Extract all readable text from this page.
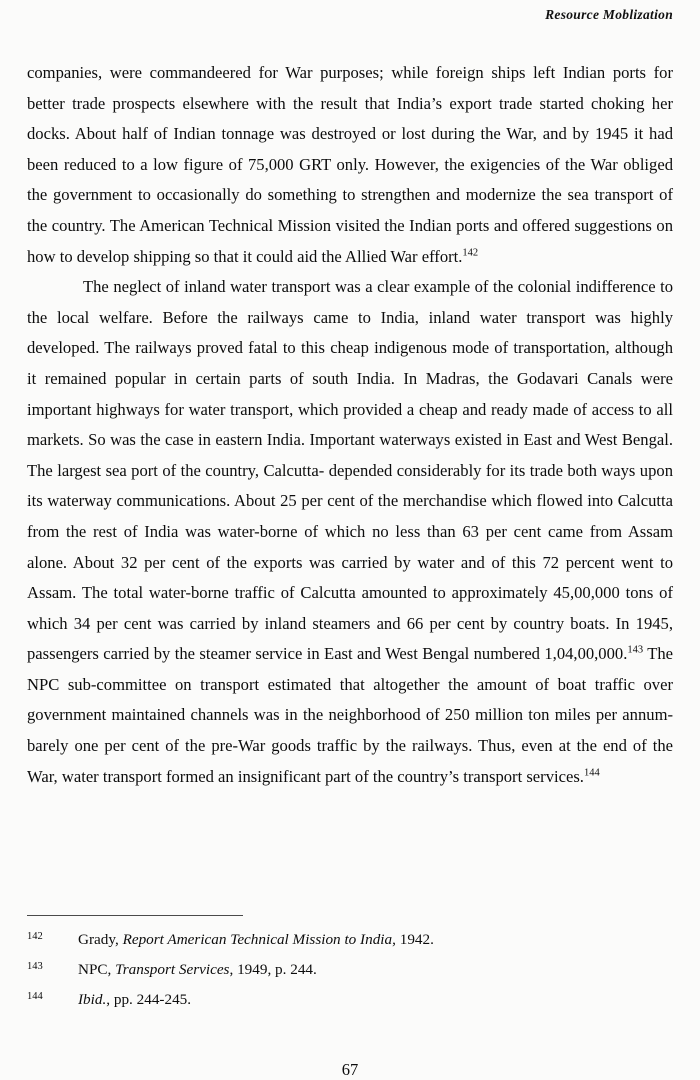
Resource Moblization

companies, were commandeered for War purposes; while foreign ships left Indian ports for better trade prospects elsewhere with the result that India’s export trade started choking her docks. About half of Indian tonnage was destroyed or lost during the War, and by 1945 it had been reduced to a low figure of 75,000 GRT only. However, the exigencies of the War obliged the government to occasionally do something to strengthen and modernize the sea transport of the country. The American Technical Mission visited the Indian ports and offered suggestions on how to develop shipping so that it could aid the Allied War effort.$^{142}$

The neglect of inland water transport was a clear example of the colonial indifference to the local welfare. Before the railways came to India, inland water transport was highly developed. The railways proved fatal to this cheap indigenous mode of transportation, although it remained popular in certain parts of south India. In Madras, the Godavari Canals were important highways for water transport, which provided a cheap and ready made of access to all markets. So was the case in eastern India. Important waterways existed in East and West Bengal. The largest sea port of the country, Calcutta- depended considerably for its trade both ways upon its waterway communications. About 25 per cent of the merchandise which flowed into Calcutta from the rest of India was water-borne of which no less than 63 per cent came from Assam alone. About 32 per cent of the exports was carried by water and of this 72 percent went to Assam. The total water-borne traffic of Calcutta amounted to approximately 45,00,000 tons of which 34 per cent was carried by inland steamers and 66 per cent by country boats. In 1945, passengers carried by the steamer service in East and West Bengal numbered 1,04,00,000.$^{143}$ The NPC sub-committee on transport estimated that altogether the amount of boat traffic over government maintained channels was in the neighborhood of 250 million ton miles per annum-barely one per cent of the pre-War goods traffic by the railways. Thus, even at the end of the War, water transport formed an insignificant part of the country’s transport services.$^{144}$

142	Grady, Report American Technical Mission to India, 1942.
143	NPC, Transport Services, 1949, p. 244.
144	Ibid., pp. 244-245.
67
